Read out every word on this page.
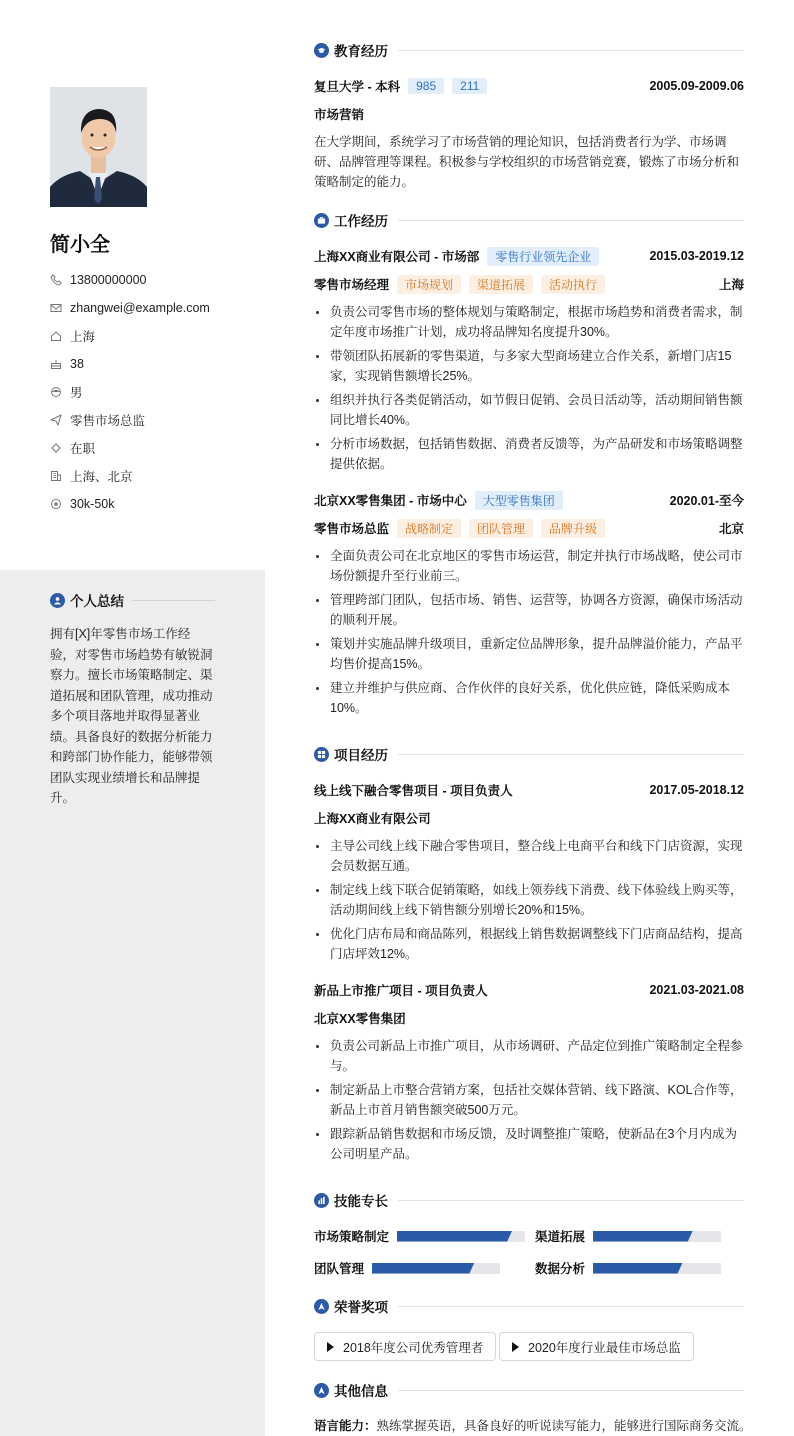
简小全
13800000000
zhangwei@example.com
上海
38
男
零售市场总监
在职
上海、北京
30k-50k
个人总结
拥有[X]年零售市场工作经验，对零售市场趋势有敏锐洞察力。擅长市场策略制定、渠道拓展和团队管理，成功推动多个项目落地并取得显著业绩。具备良好的数据分析能力和跨部门协作能力，能够带领团队实现业绩增长和品牌提升。
教育经历
复旦大学 - 本科	985	211	2005.09-2009.06
市场营销
在大学期间，系统学习了市场营销的理论知识，包括消费者行为学、市场调研、品牌管理等课程。积极参与学校组织的市场营销竞赛，锻炼了市场分析和策略制定的能力。
工作经历
上海XX商业有限公司 - 市场部	零售行业领先企业	2015.03-2019.12
零售市场经理	市场规划	渠道拓展	活动执行	上海
负责公司零售市场的整体规划与策略制定，根据市场趋势和消费者需求，制定年度市场推广计划，成功将品牌知名度提升30%。
带领团队拓展新的零售渠道，与多家大型商场建立合作关系，新增门店15家，实现销售额增长25%。
组织并执行各类促销活动，如节假日促销、会员日活动等，活动期间销售额同比增长40%。
分析市场数据，包括销售数据、消费者反馈等，为产品研发和市场策略调整提供依据。
北京XX零售集团 - 市场中心	大型零售集团	2020.01-至今
零售市场总监	战略制定	团队管理	品牌升级	北京
全面负责公司在北京地区的零售市场运营，制定并执行市场战略，使公司市场份额提升至行业前三。
管理跨部门团队，包括市场、销售、运营等，协调各方资源，确保市场活动的顺利开展。
策划并实施品牌升级项目，重新定位品牌形象，提升品牌溢价能力，产品平均售价提高15%。
建立并维护与供应商、合作伙伴的良好关系，优化供应链，降低采购成本10%。
项目经历
线上线下融合零售项目 - 项目负责人	2017.05-2018.12
上海XX商业有限公司
主导公司线上线下融合零售项目，整合线上电商平台和线下门店资源，实现会员数据互通。
制定线上线下联合促销策略，如线上领券线下消费、线下体验线上购买等，活动期间线上线下销售额分别增长20%和15%。
优化门店布局和商品陈列，根据线上销售数据调整线下门店商品结构，提高门店坪效12%。
新品上市推广项目 - 项目负责人	2021.03-2021.08
北京XX零售集团
负责公司新品上市推广项目，从市场调研、产品定位到推广策略制定全程参与。
制定新品上市整合营销方案，包括社交媒体营销、线下路演、KOL合作等，新品上市首月销售额突破500万元。
跟踪新品销售数据和市场反馈，及时调整推广策略，使新品在3个月内成为公司明星产品。
技能专长
市场策略制定	渠道拓展
团队管理	数据分析
荣誉奖项
2018年度公司优秀管理者	2020年度行业最佳市场总监
其他信息
语言能力：熟练掌握英语，具备良好的听说读写能力，能够进行国际商务交流。
